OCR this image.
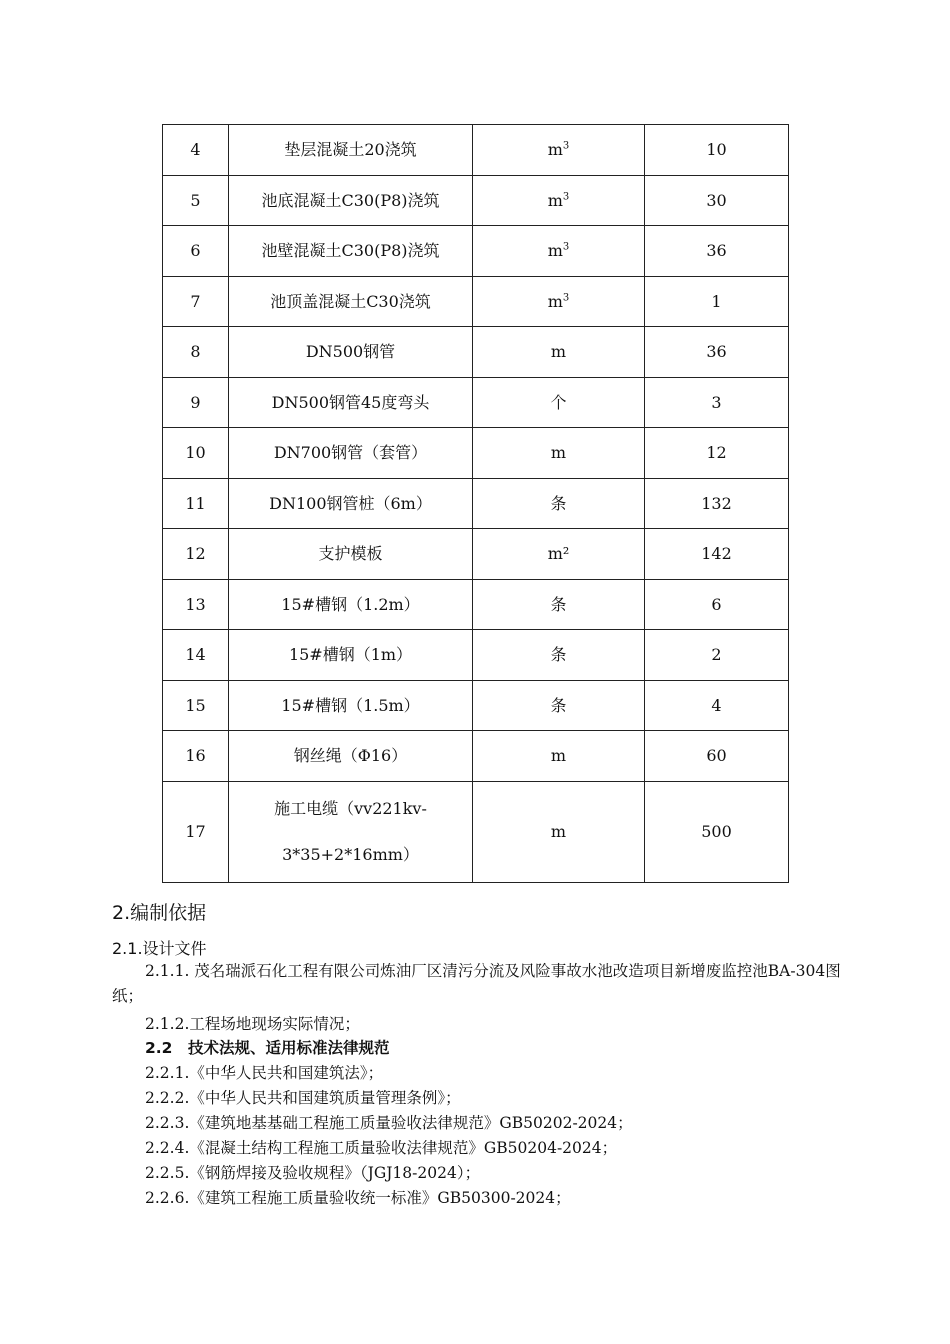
4	垫层混凝土20浇筑	$m^3$	10
5	池底混凝土C30(P8)浇筑	$m^3$	30
6	池壁混凝土C30(P8)浇筑	$m^3$	36
7	池顶盖混凝土C30浇筑	$m^3$	1
8	DN500钢管	m	36
9	DN500钢管45度弯头	个	3
10	DN700钢管（套管）	m	12
11	DN100钢管桩（6m）	条	132
12	支护模板	m²	142
13	15#槽钢（1.2m）	条	6
14	15#槽钢（1m）	条	2
15	15#槽钢（1.5m）	条	4
16	钢丝绳（Φ16）	m	60
17	施工电缆（vv221kv-
3*35+2*16mm）	m	500
2.编制依据
2.1.设计文件
2.1.1. 茂名瑞派石化工程有限公司炼油厂区清污分流及风险事故水池改造项目新增废监控池BA-304图纸；
2.1.2.工程场地现场实际情况；
2.2　技术法规、适用标准法律规范
2.2.1.《中华人民共和国建筑法》；
2.2.2.《中华人民共和国建筑质量管理条例》；
2.2.3.《建筑地基基础工程施工质量验收法律规范》GB50202-2024；
2.2.4.《混凝土结构工程施工质量验收法律规范》GB50204-2024；
2.2.5.《钢筋焊接及验收规程》（JGJ18-2024）；
2.2.6.《建筑工程施工质量验收统一标准》GB50300-2024；
